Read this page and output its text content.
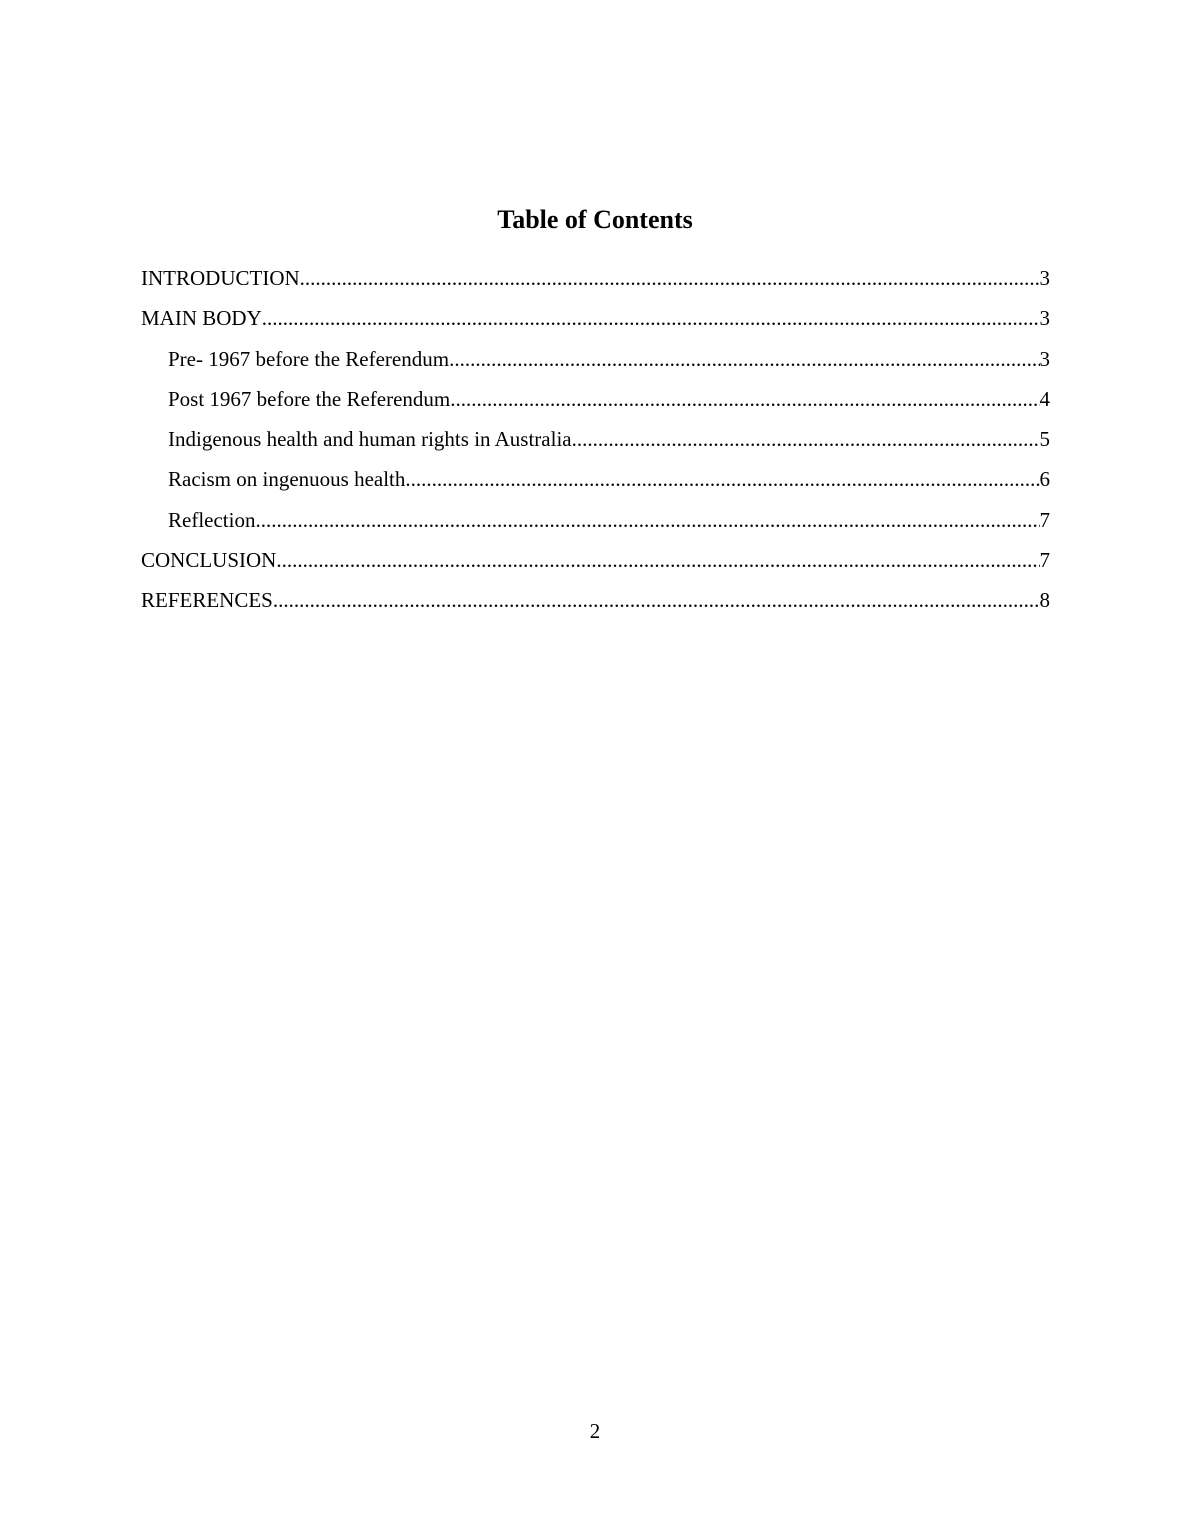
Table of Contents
INTRODUCTION .....	3
MAIN BODY .....	3
Pre- 1967 before the Referendum .....	3
Post 1967 before the Referendum .....	4
Indigenous health and human rights in Australia .....	5
Racism on ingenuous health .....	6
Reflection .....	7
CONCLUSION .....	7
REFERENCES .....	8
2
